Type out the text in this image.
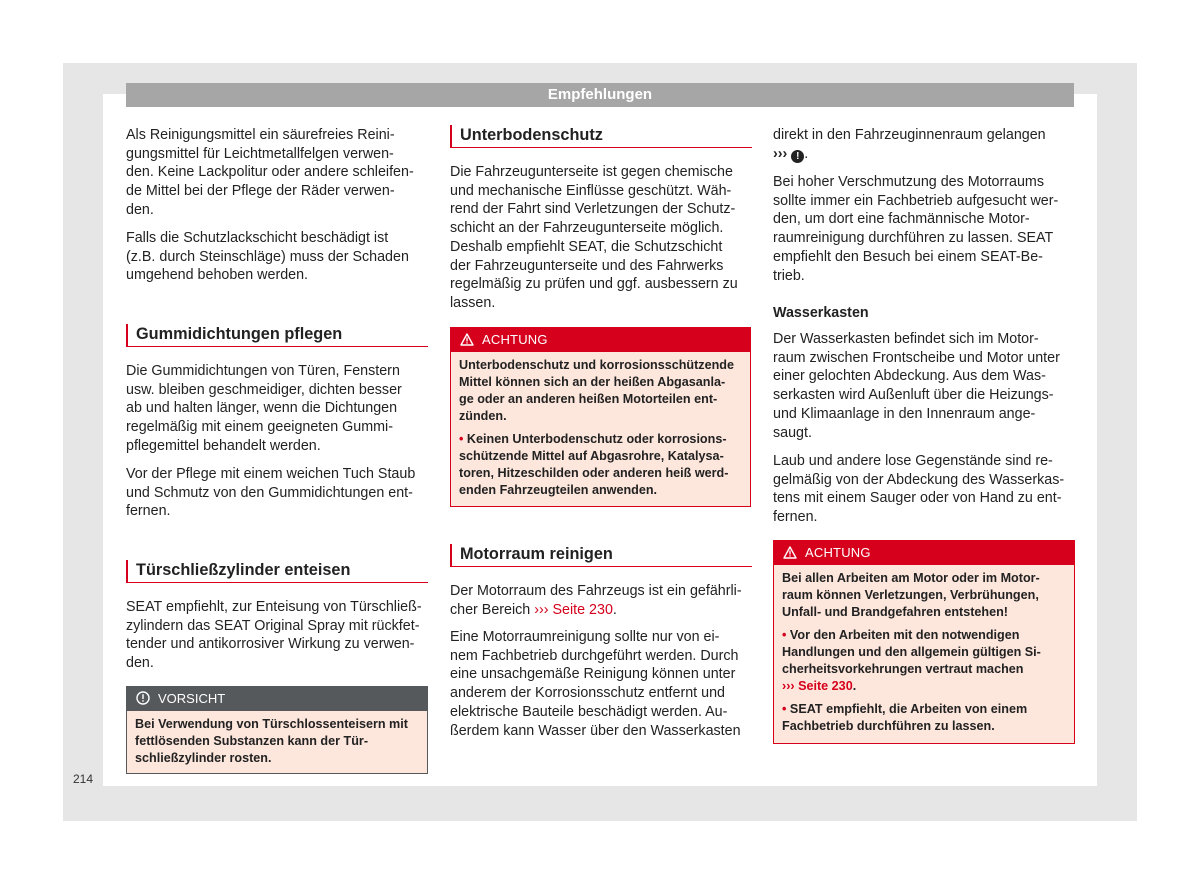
Empfehlungen

Als Reinigungsmittel ein säurefreies Reini-
gungsmittel für Leichtmetallfelgen verwen-
den. Keine Lackpolitur oder andere schleifen-
de Mittel bei der Pflege der Räder verwen-
den.

Falls die Schutzlackschicht beschädigt ist
(z.B. durch Steinschläge) muss der Schaden
umgehend behoben werden.

Gummidichtungen pflegen

Die Gummidichtungen von Türen, Fenstern
usw. bleiben geschmeidiger, dichten besser
ab und halten länger, wenn die Dichtungen
regelmäßig mit einem geeigneten Gummi-
pflegemittel behandelt werden.

Vor der Pflege mit einem weichen Tuch Staub
und Schmutz von den Gummidichtungen ent-
fernen.

Türschließzylinder enteisen

SEAT empfiehlt, zur Enteisung von Türschließ-
zylindern das SEAT Original Spray mit rückfet-
tender und antikorrosiver Wirkung zu verwen-
den.

VORSICHT

Bei Verwendung von Türschlossenteisern mit
fettlösenden Substanzen kann der Tür-
schließzylinder rosten.

Unterbodenschutz

Die Fahrzeugunterseite ist gegen chemische
und mechanische Einflüsse geschützt. Wäh-
rend der Fahrt sind Verletzungen der Schutz-
schicht an der Fahrzeugunterseite möglich.
Deshalb empfiehlt SEAT, die Schutzschicht
der Fahrzeugunterseite und des Fahrwerks
regelmäßig zu prüfen und ggf. ausbessern zu
lassen.

ACHTUNG

Unterbodenschutz und korrosionsschützende
Mittel können sich an der heißen Abgasanla-
ge oder an anderen heißen Motorteilen ent-
zünden.

• Keinen Unterbodenschutz oder korrosions-
schützende Mittel auf Abgasrohre, Katalysa-
toren, Hitzeschilden oder anderen heiß werd-
enden Fahrzeugteilen anwenden.

Motorraum reinigen

Der Motorraum des Fahrzeugs ist ein gefährli-
cher Bereich ››› Seite 230.

Eine Motorraumreinigung sollte nur von ei-
nem Fachbetrieb durchgeführt werden. Durch
eine unsachgemäße Reinigung können unter
anderem der Korrosionsschutz entfernt und
elektrische Bauteile beschädigt werden. Au-
ßerdem kann Wasser über den Wasserkasten

direkt in den Fahrzeuginnenraum gelangen
››› ! .

Bei hoher Verschmutzung des Motorraums
sollte immer ein Fachbetrieb aufgesucht wer-
den, um dort eine fachmännische Motor-
raumreinigung durchführen zu lassen. SEAT
empfiehlt den Besuch bei einem SEAT-Be-
trieb.

Wasserkasten

Der Wasserkasten befindet sich im Motor-
raum zwischen Frontscheibe und Motor unter
einer gelochten Abdeckung. Aus dem Was-
serkasten wird Außenluft über die Heizungs-
und Klimaanlage in den Innenraum ange-
saugt.

Laub und andere lose Gegenstände sind re-
gelmäßig von der Abdeckung des Wasserkas-
tens mit einem Sauger oder von Hand zu ent-
fernen.

ACHTUNG

Bei allen Arbeiten am Motor oder im Motor-
raum können Verletzungen, Verbrühungen,
Unfall- und Brandgefahren entstehen!

• Vor den Arbeiten mit den notwendigen
Handlungen und den allgemein gültigen Si-
cherheitsvorkehrungen vertraut machen
››› Seite 230.

• SEAT empfiehlt, die Arbeiten von einem
Fachbetrieb durchführen zu lassen.

214
